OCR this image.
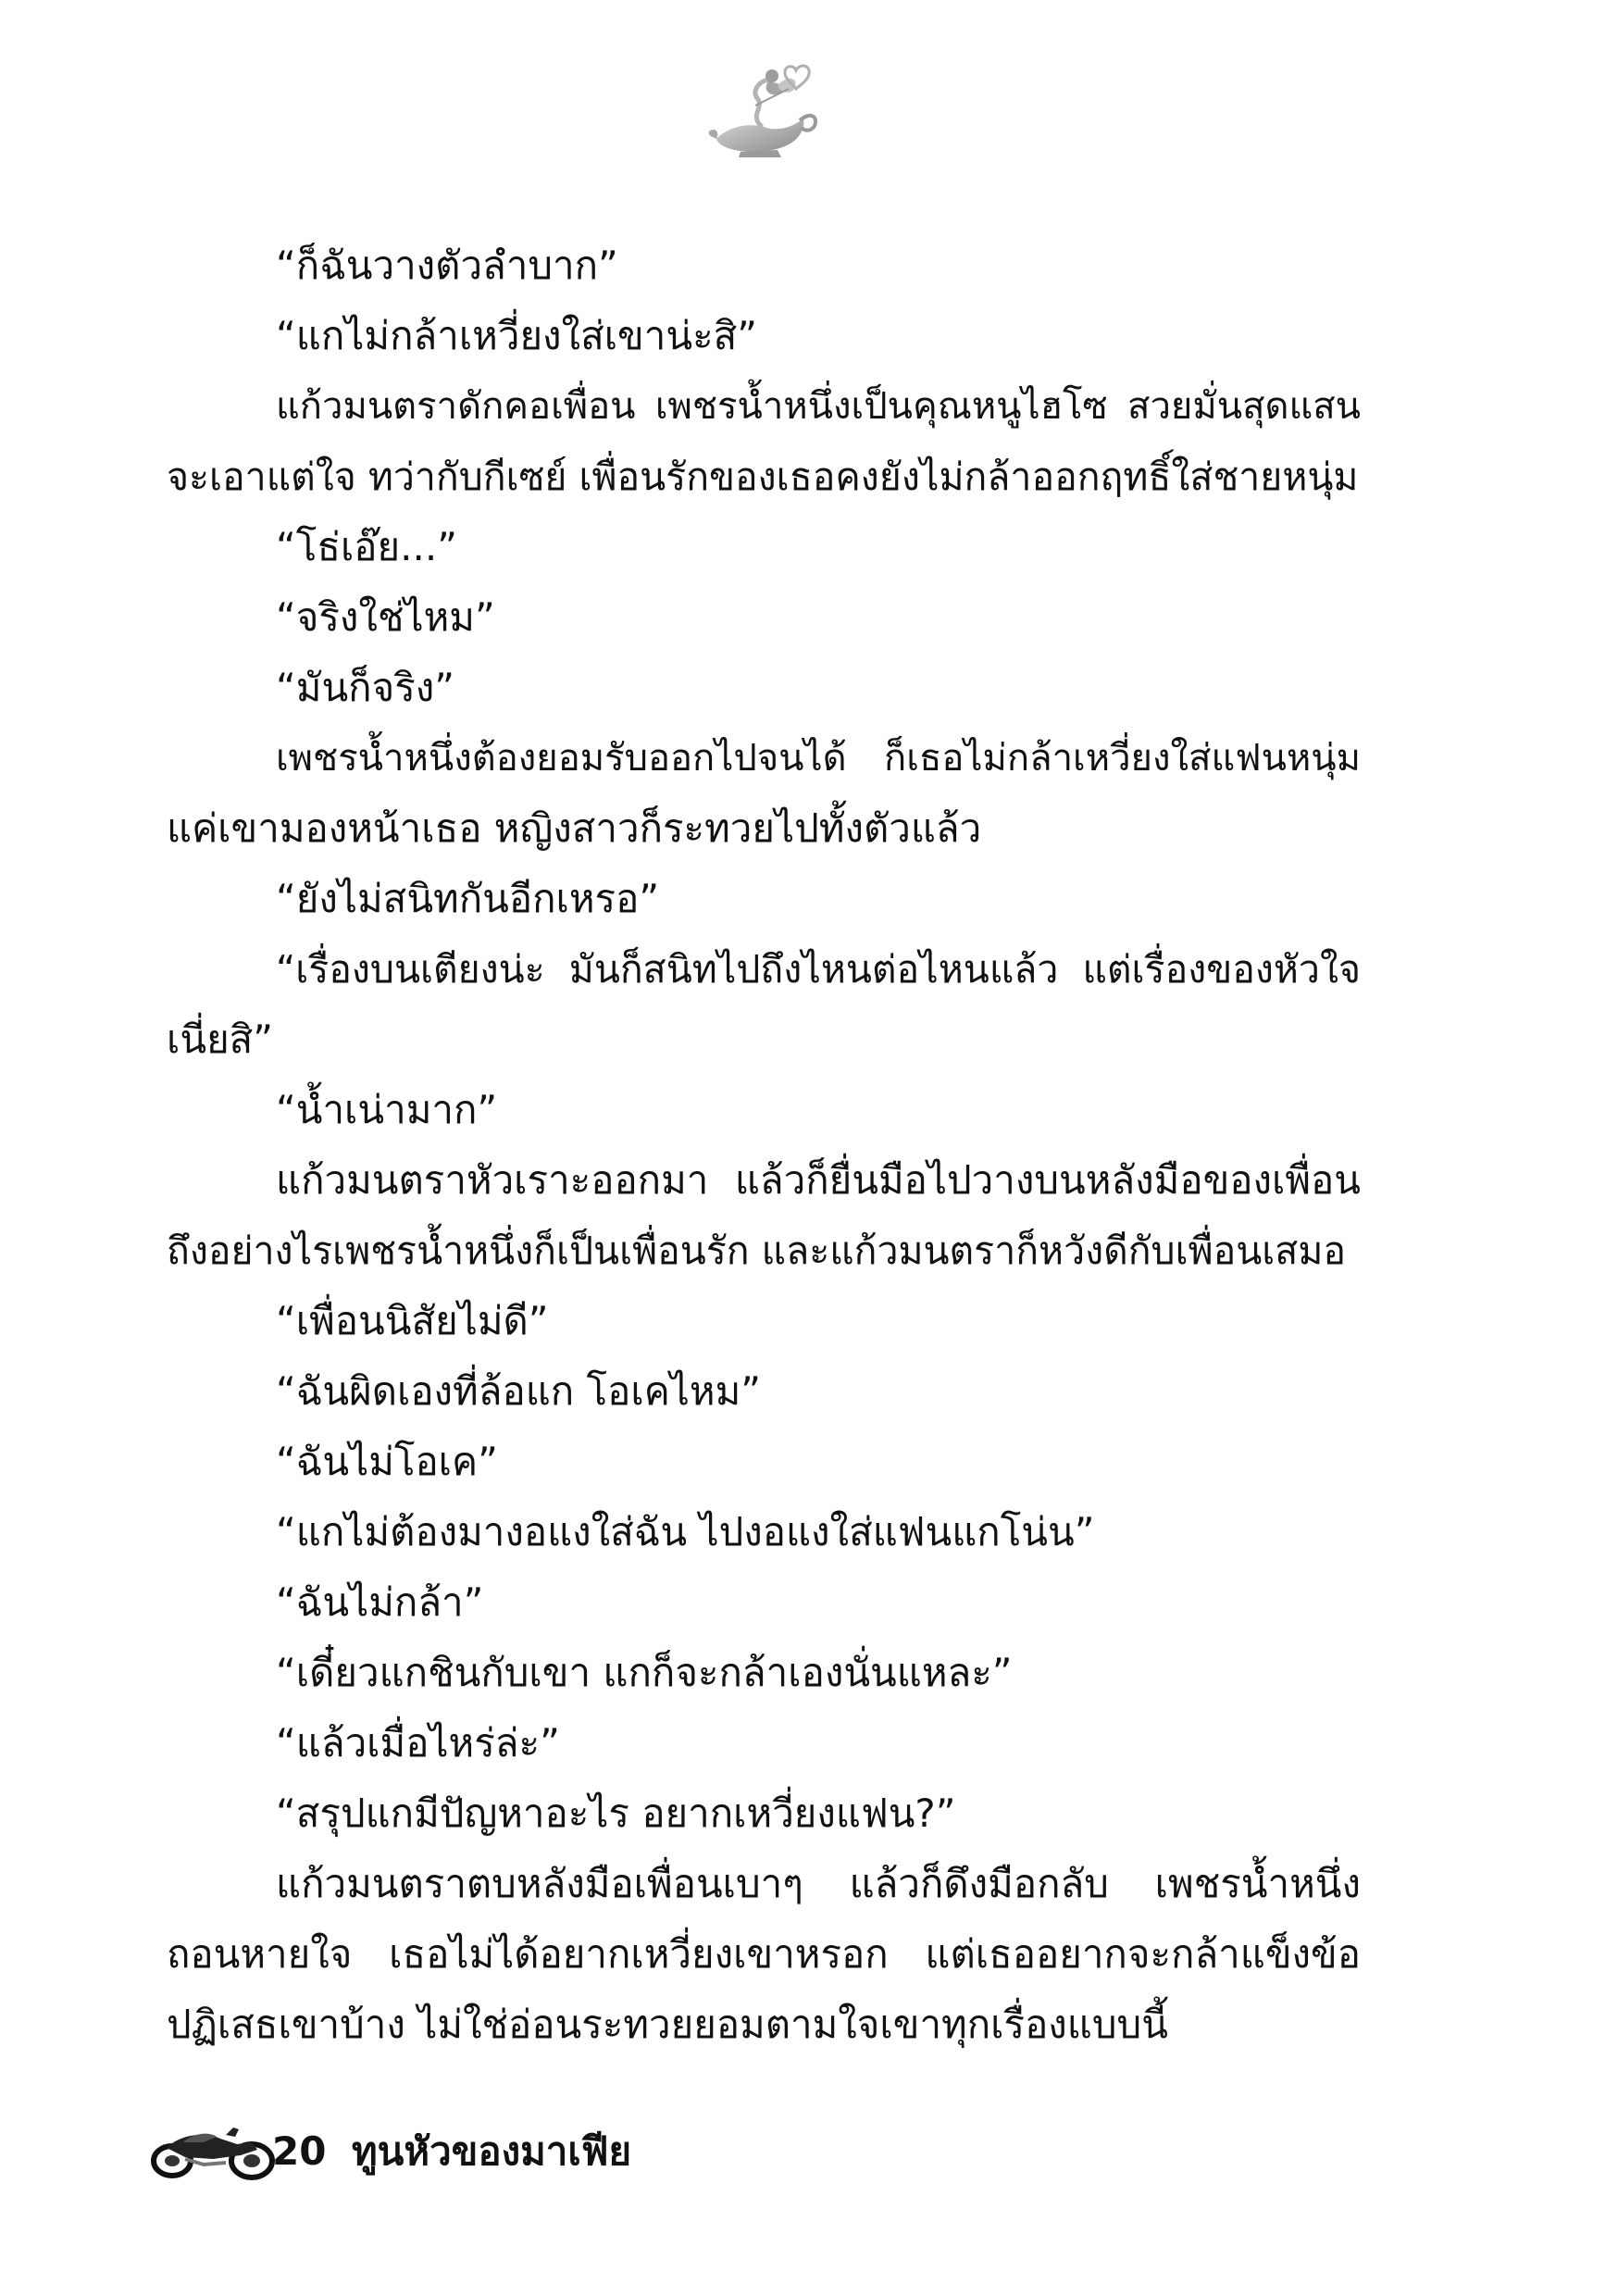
“ก็ฉันวางตัวลำบาก”
“แกไม่กล้าเหวี่ยงใส่เขาน่ะสิ”
แก้วมนตราดักคอเพื่อน เพชรน้ำหนึ่งเป็นคุณหนูไฮโซ สวยมั่นสุดแสน
จะเอาแต่ใจ ทว่ากับกีเซย์ เพื่อนรักของเธอคงยังไม่กล้าออกฤทธิ์ใส่ชายหนุ่ม
“โธ่เอ๊ย...”
“จริงใช่ไหม”
“มันก็จริง”
เพชรน้ำหนึ่งต้องยอมรับออกไปจนได้ ก็เธอไม่กล้าเหวี่ยงใส่แฟนหนุ่ม
แค่เขามองหน้าเธอ หญิงสาวก็ระทวยไปทั้งตัวแล้ว
“ยังไม่สนิทกันอีกเหรอ”
“เรื่องบนเตียงน่ะ มันก็สนิทไปถึงไหนต่อไหนแล้ว แต่เรื่องของหัวใจ
เนี่ยสิ”
“น้ำเน่ามาก”
แก้วมนตราหัวเราะออกมา แล้วก็ยื่นมือไปวางบนหลังมือของเพื่อน
ถึงอย่างไรเพชรน้ำหนึ่งก็เป็นเพื่อนรัก และแก้วมนตราก็หวังดีกับเพื่อนเสมอ
“เพื่อนนิสัยไม่ดี”
“ฉันผิดเองที่ล้อแก โอเคไหม”
“ฉันไม่โอเค”
“แกไม่ต้องมางอแงใส่ฉัน ไปงอแงใส่แฟนแกโน่น”
“ฉันไม่กล้า”
“เดี๋ยวแกชินกับเขา แกก็จะกล้าเองนั่นแหละ”
“แล้วเมื่อไหร่ล่ะ”
“สรุปแกมีปัญหาอะไร อยากเหวี่ยงแฟน?”
แก้วมนตราตบหลังมือเพื่อนเบาๆ แล้วก็ดึงมือกลับ เพชรน้ำหนึ่ง
ถอนหายใจ เธอไม่ได้อยากเหวี่ยงเขาหรอก แต่เธออยากจะกล้าแข็งข้อ
ปฏิเสธเขาบ้าง ไม่ใช่อ่อนระทวยยอมตามใจเขาทุกเรื่องแบบนี้
20 ทูนหัวของมาเฟีย
